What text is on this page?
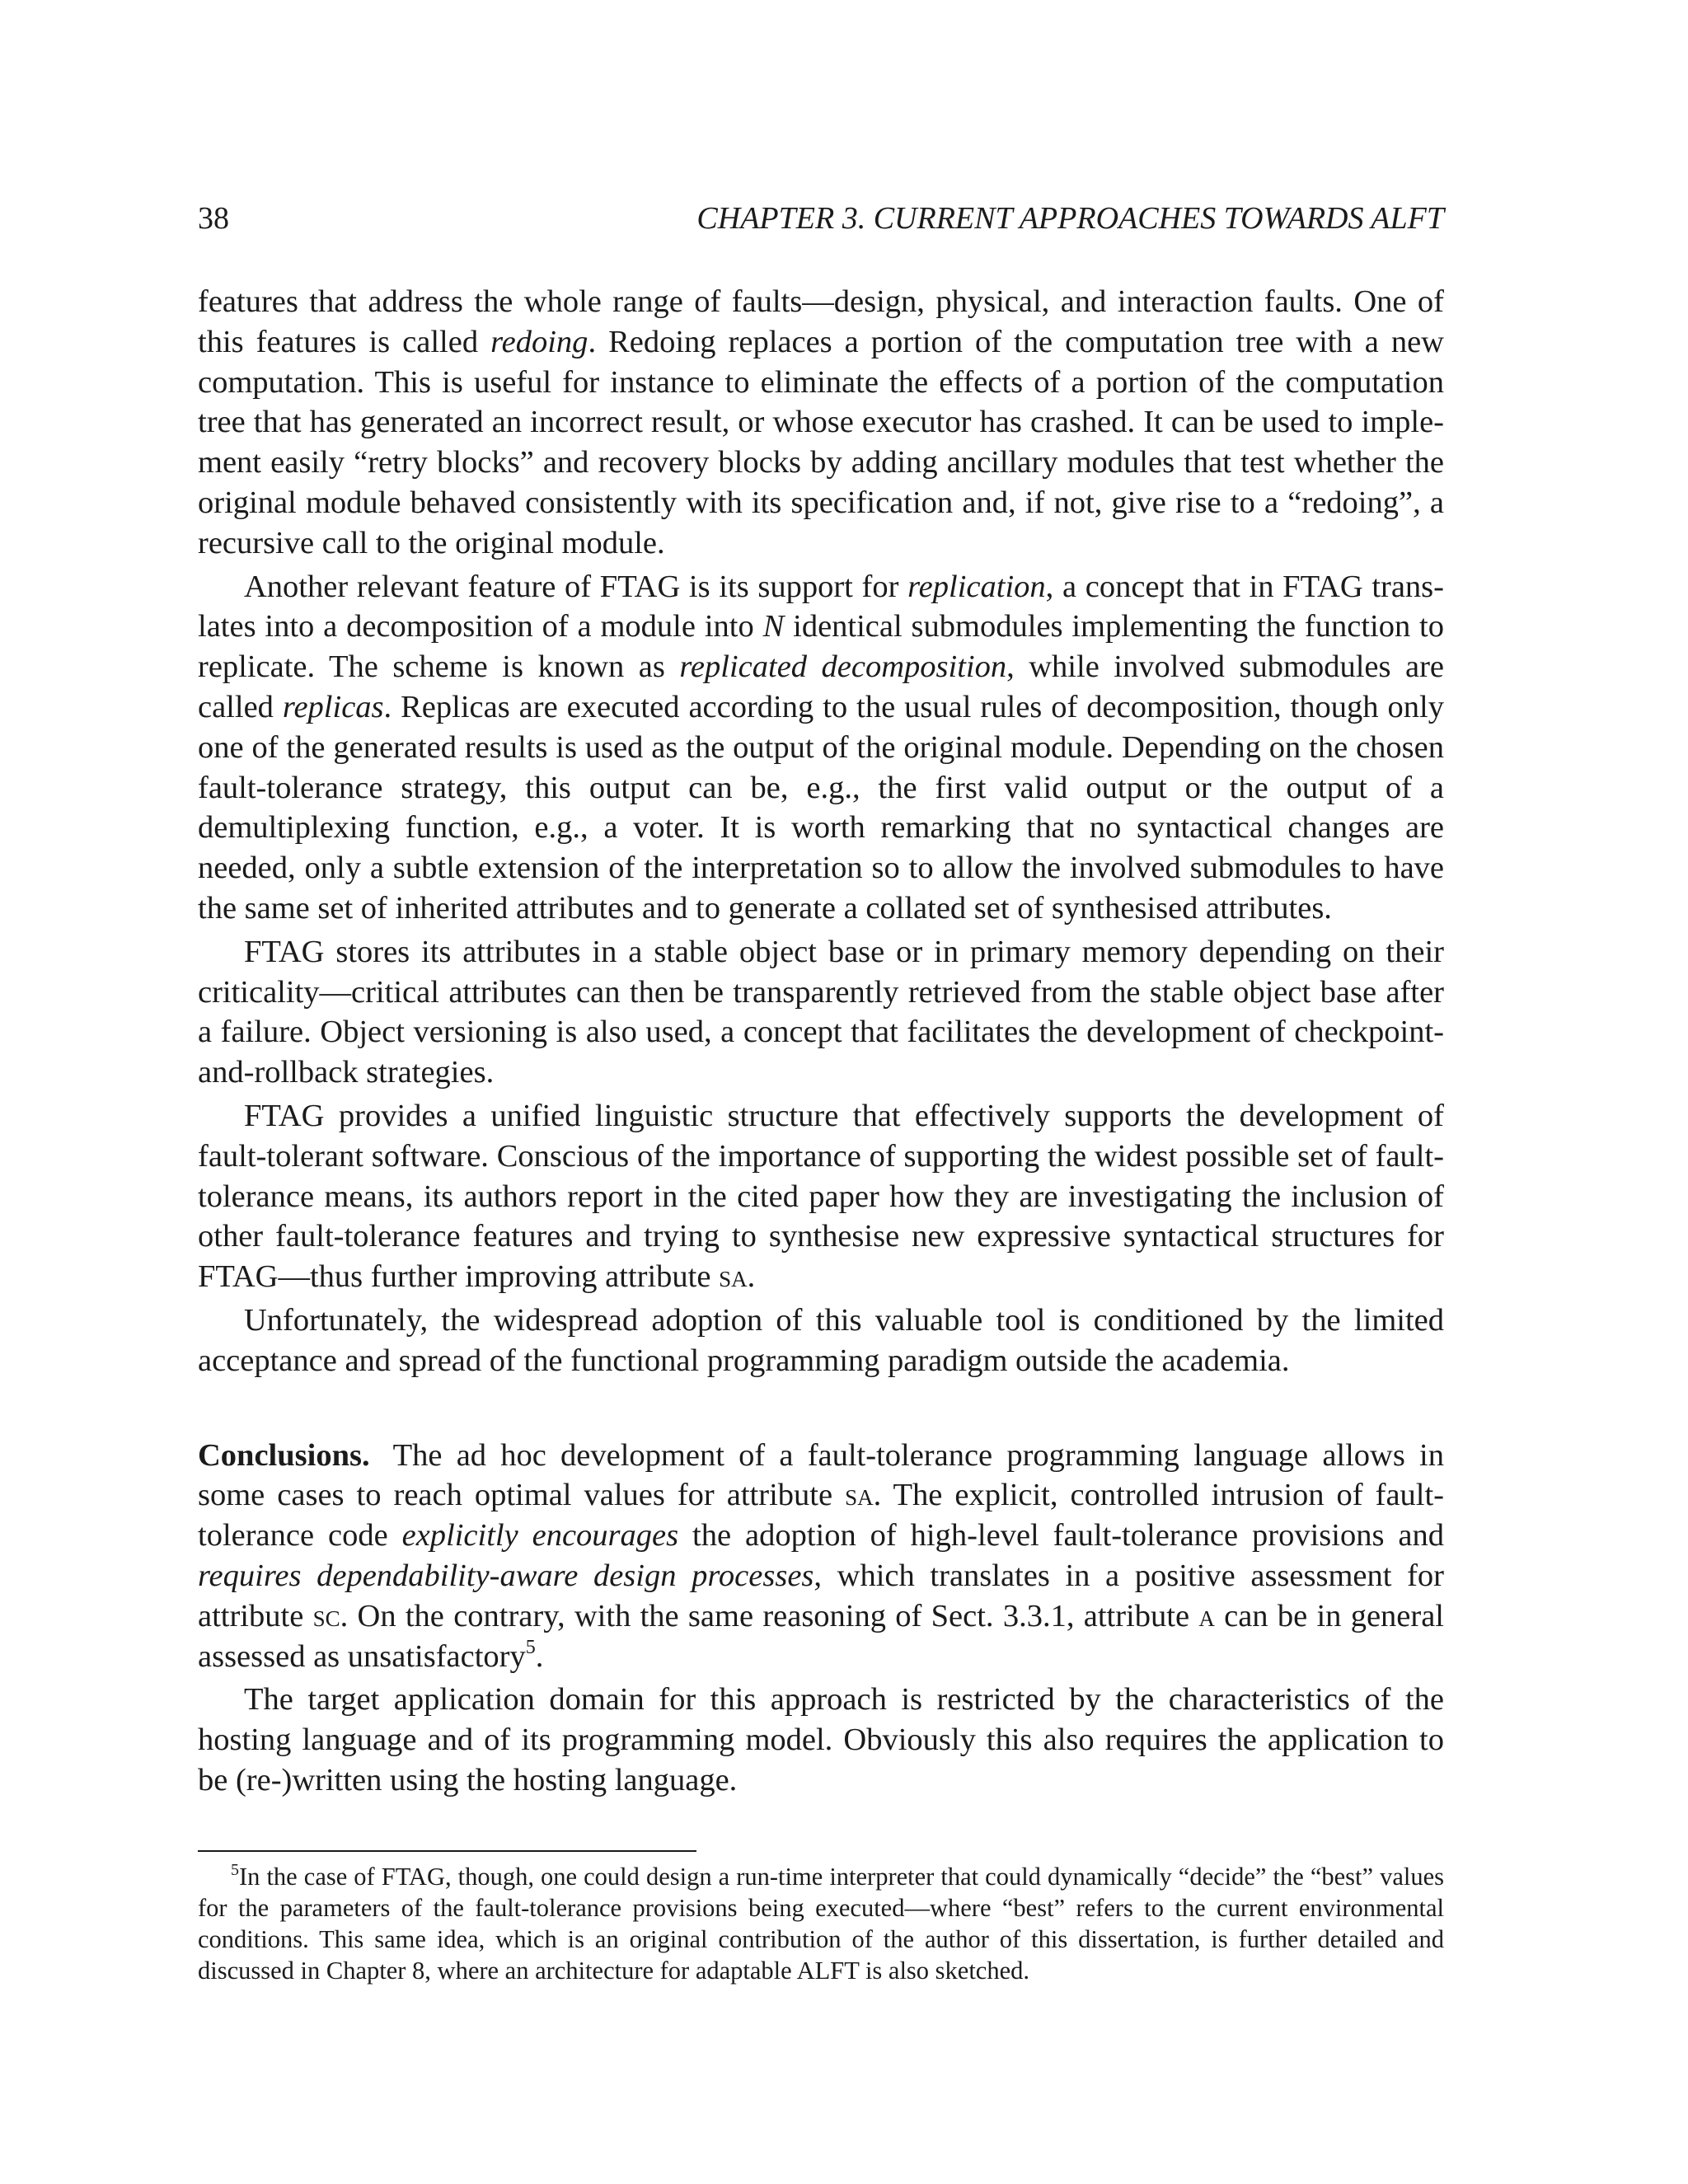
38	CHAPTER 3. CURRENT APPROACHES TOWARDS ALFT

features that address the whole range of faults—design, physical, and interaction faults. One of this features is called redoing. Redoing replaces a portion of the computation tree with a new computation. This is useful for instance to eliminate the effects of a portion of the computation tree that has generated an incorrect result, or whose executor has crashed. It can be used to implement easily “retry blocks” and recovery blocks by adding ancillary modules that test whether the original module behaved consistently with its specification and, if not, give rise to a “redoing”, a recursive call to the original module.

Another relevant feature of FTAG is its support for replication, a concept that in FTAG translates into a decomposition of a module into N identical submodules implementing the function to replicate. The scheme is known as replicated decomposition, while involved submodules are called replicas. Replicas are executed according to the usual rules of decomposition, though only one of the generated results is used as the output of the original module. Depending on the chosen fault-tolerance strategy, this output can be, e.g., the first valid output or the output of a demultiplexing function, e.g., a voter. It is worth remarking that no syntactical changes are needed, only a subtle extension of the interpretation so to allow the involved submodules to have the same set of inherited attributes and to generate a collated set of synthesised attributes.

FTAG stores its attributes in a stable object base or in primary memory depending on their criticality—critical attributes can then be transparently retrieved from the stable object base after a failure. Object versioning is also used, a concept that facilitates the development of checkpoint-and-rollback strategies.

FTAG provides a unified linguistic structure that effectively supports the development of fault-tolerant software. Conscious of the importance of supporting the widest possible set of fault-tolerance means, its authors report in the cited paper how they are investigating the inclusion of other fault-tolerance features and trying to synthesise new expressive syntactical structures for FTAG—thus further improving attribute sa.

Unfortunately, the widespread adoption of this valuable tool is conditioned by the limited acceptance and spread of the functional programming paradigm outside the academia.

Conclusions. The ad hoc development of a fault-tolerance programming language allows in some cases to reach optimal values for attribute sa. The explicit, controlled intrusion of fault-tolerance code explicitly encourages the adoption of high-level fault-tolerance provisions and requires dependability-aware design processes, which translates in a positive assessment for attribute sc. On the contrary, with the same reasoning of Sect. 3.3.1, attribute a can be in general assessed as unsatisfactory$^5$.

The target application domain for this approach is restricted by the characteristics of the hosting language and of its programming model. Obviously this also requires the application to be (re-)written using the hosting language.

$^5$In the case of FTAG, though, one could design a run-time interpreter that could dynamically “decide” the “best” values for the parameters of the fault-tolerance provisions being executed—where “best” refers to the current environmental conditions. This same idea, which is an original contribution of the author of this dissertation, is further detailed and discussed in Chapter 8, where an architecture for adaptable ALFT is also sketched.
